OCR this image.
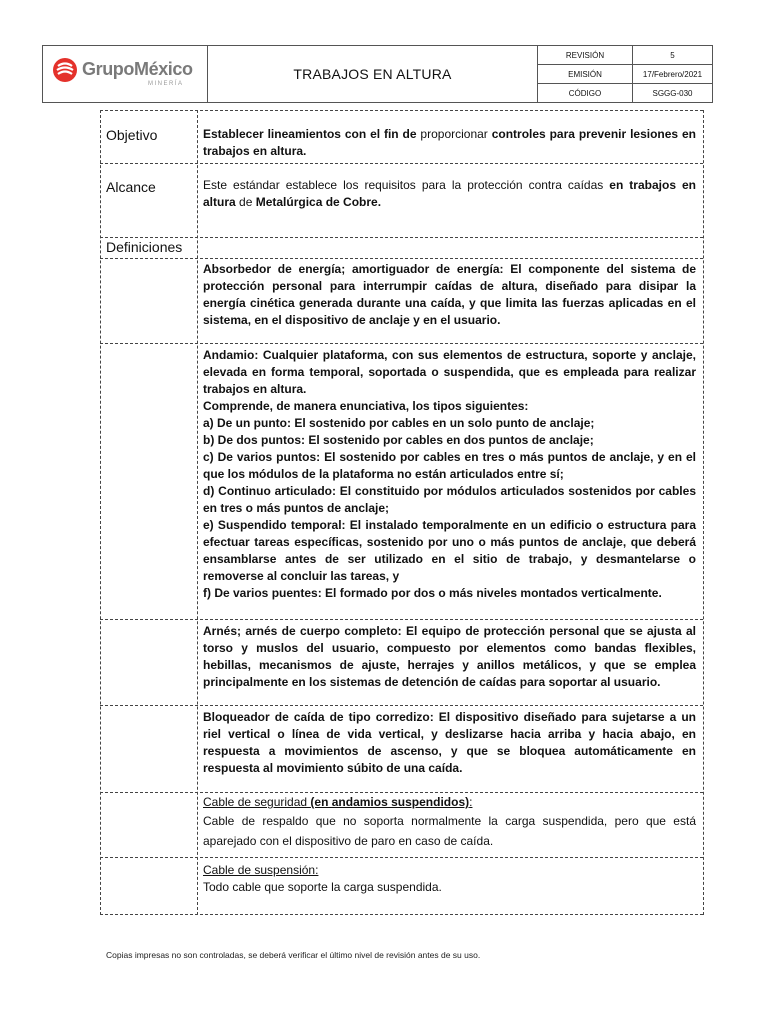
TRABAJOS EN ALTURA
REVISIÓN	5
EMISIÓN	17/Febrero/2021
CÓDIGO	SGGG-030
GrupoMéxico
MINERÍA
Objetivo	Establecer lineamientos con el fin de proporcionar controles para prevenir lesiones en trabajos en altura.
Alcance	Este estándar establece los requisitos para la protección contra caídas en trabajos en altura de Metalúrgica de Cobre.
Definiciones
Absorbedor de energía; amortiguador de energía: El componente del sistema de protección personal para interrumpir caídas de altura, diseñado para disipar la energía cinética generada durante una caída, y que limita las fuerzas aplicadas en el sistema, en el dispositivo de anclaje y en el usuario.
Andamio: Cualquier plataforma, con sus elementos de estructura, soporte y anclaje, elevada en forma temporal, soportada o suspendida, que es empleada para realizar trabajos en altura.
Comprende, de manera enunciativa, los tipos siguientes:
a) De un punto: El sostenido por cables en un solo punto de anclaje;
b) De dos puntos: El sostenido por cables en dos puntos de anclaje;
c) De varios puntos: El sostenido por cables en tres o más puntos de anclaje, y en el que los módulos de la plataforma no están articulados entre sí;
d) Continuo articulado: El constituido por módulos articulados sostenidos por cables en tres o más puntos de anclaje;
e) Suspendido temporal: El instalado temporalmente en un edificio o estructura para efectuar tareas específicas, sostenido por uno o más puntos de anclaje, que deberá ensamblarse antes de ser utilizado en el sitio de trabajo, y desmantelarse o removerse al concluir las tareas, y
f) De varios puentes: El formado por dos o más niveles montados verticalmente.
Arnés; arnés de cuerpo completo: El equipo de protección personal que se ajusta al torso y muslos del usuario, compuesto por elementos como bandas flexibles, hebillas, mecanismos de ajuste, herrajes y anillos metálicos, y que se emplea principalmente en los sistemas de detención de caídas para soportar al usuario.
Bloqueador de caída de tipo corredizo: El dispositivo diseñado para sujetarse a un riel vertical o línea de vida vertical, y deslizarse hacia arriba y hacia abajo, en respuesta a movimientos de ascenso, y que se bloquea automáticamente en respuesta al movimiento súbito de una caída.
Cable de seguridad (en andamios suspendidos):
Cable de respaldo que no soporta normalmente la carga suspendida, pero que está aparejado con el dispositivo de paro en caso de caída.
Cable de suspensión:
Todo cable que soporte la carga suspendida.
Copias impresas no son controladas, se deberá verificar el último nivel de revisión antes de su uso.
